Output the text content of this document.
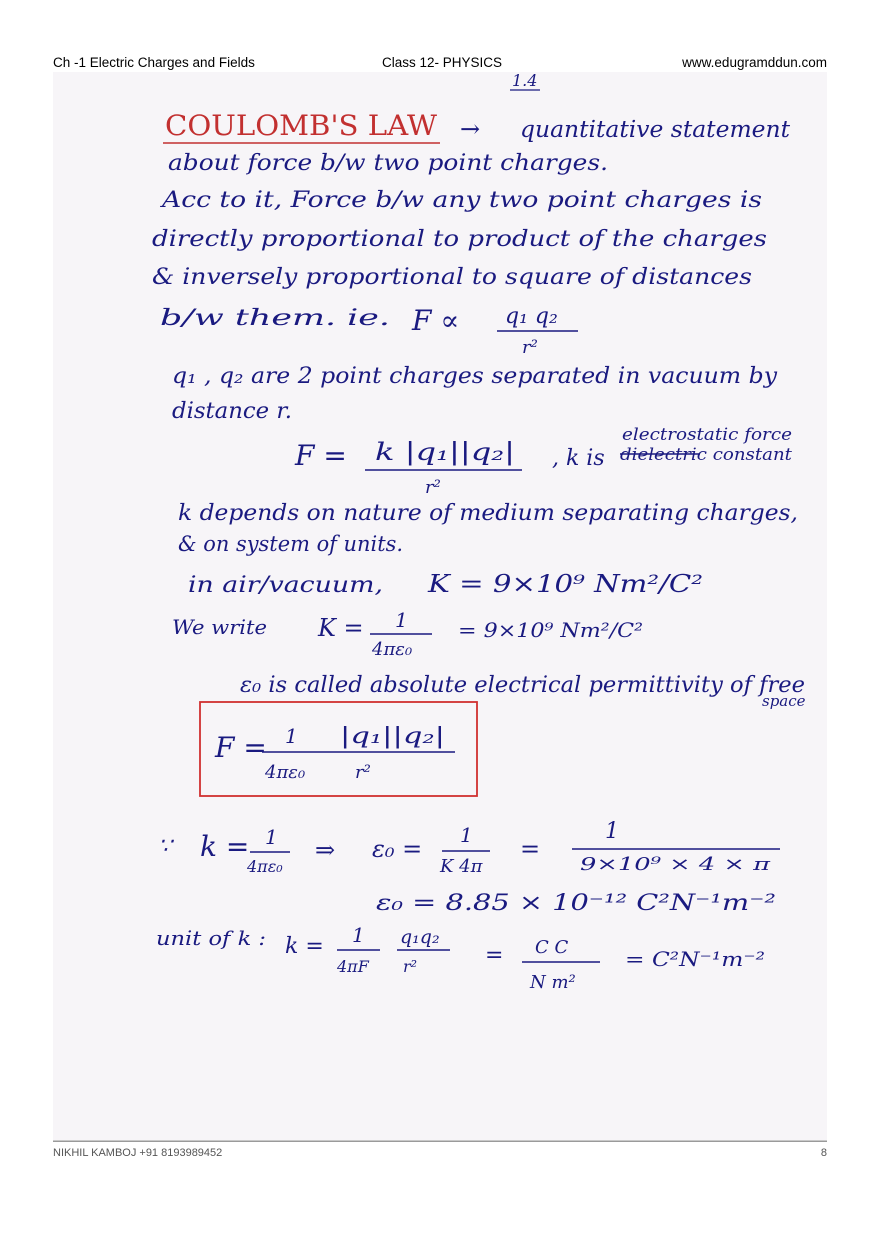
Ch -1 Electric Charges and Fields	Class 12- PHYSICS	www.edugramddun.com
1.4
COULOMB'S LAW → quantitative statement
about force b/w two point charges.
Acc to it, Force b/w any two point charges is
directly proportional to product of the charges
& inversely proportional to square of distances
b/w them. ie. F ∝ q₁ q₂
r²
q₁ , q₂ are 2 point charges separated in vacuum by
distance r.
F = k |q₁||q₂|
r²
, k is
electrostatic force
dielectric constant
k depends on nature of medium separating charges,
& on system of units.
in air/vacuum, K = 9×10⁹ Nm²/C²
We write K = 1
4πε₀
= 9×10⁹ Nm²/C²
ε₀ is called absolute electrical permittivity of free
space
F = 1
4πε₀
|q₁||q₂|
r²
∵ k = 1
4πε₀
⇒ ε₀ = 1
K 4π
=
1
9×10⁹ × 4 × π
ε₀ = 8.85 × 10⁻¹² C²N⁻¹m⁻²
unit of k : k = 1
4πF
q₁q₂
r²	= C C
N m²
= C²N⁻¹m⁻²
NIKHIL KAMBOJ +91 8193989452	8
